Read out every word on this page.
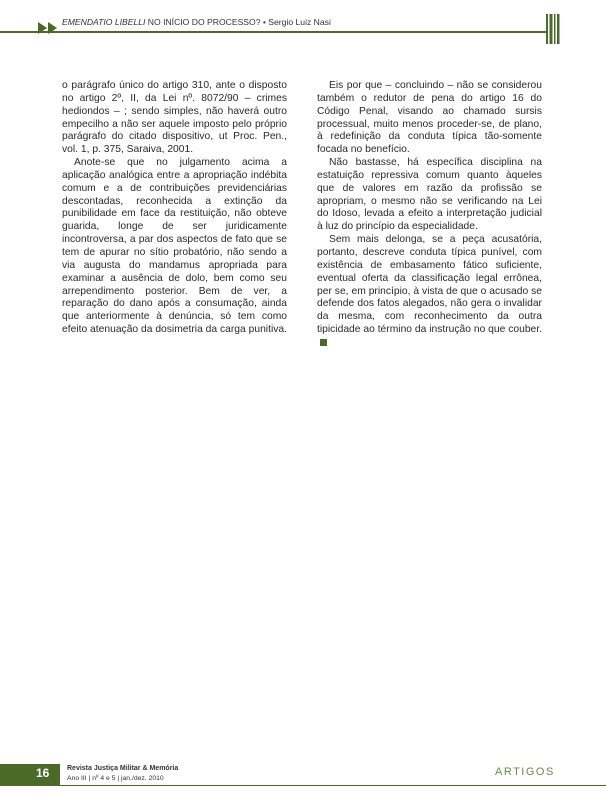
EMENDATIO LIBELLI NO INÍCIO DO PROCESSO? • Sergio Luiz Nasi

o parágrafo único do artigo 310, ante o disposto no artigo 2º, II, da Lei nº. 8072/90 – crimes hediondos – ; sendo simples, não haverá outro empecilho a não ser aquele imposto pelo próprio parágrafo do citado dispositivo, ut Proc. Pen., vol. 1, p. 375, Saraiva, 2001.

Anote-se que no julgamento acima a aplicação analógica entre a apropriação indébita comum e a de contribuições previdenciárias descontadas, reconhecida a extinção da punibilidade em face da restituição, não obteve guarida, longe de ser juridicamente incontroversa, a par dos aspectos de fato que se tem de apurar no sítio probatório, não sendo a via augusta do mandamus apropriada para examinar a ausência de dolo, bem como seu arrependimento posterior. Bem de ver, a reparação do dano após a consumação, ainda que anteriormente à denúncia, só tem como efeito atenuação da dosimetria da carga punitiva.

Eis por que – concluindo – não se considerou também o redutor de pena do artigo 16 do Código Penal, visando ao chamado sursis processual, muito menos proceder-se, de plano, à redefinição da conduta típica tão-somente focada no benefício.

Não bastasse, há específica disciplina na estatuição repressiva comum quanto àqueles que de valores em razão da profissão se apropriam, o mesmo não se verificando na Lei do Idoso, levada a efeito a interpretação judicial à luz do princípio da especialidade.

Sem mais delonga, se a peça acusatória, portanto, descreve conduta típica punível, com existência de embasamento fático suficiente, eventual oferta da classificação legal errônea, per se, em princípio, à vista de que o acusado se defende dos fatos alegados, não gera o invalidar da mesma, com reconhecimento da outra tipicidade ao término da instrução no que couber.

16	Revista Justiça Militar & Memória
Ano III | nº 4 e 5 | jan./dez. 2010
ARTIGOS
